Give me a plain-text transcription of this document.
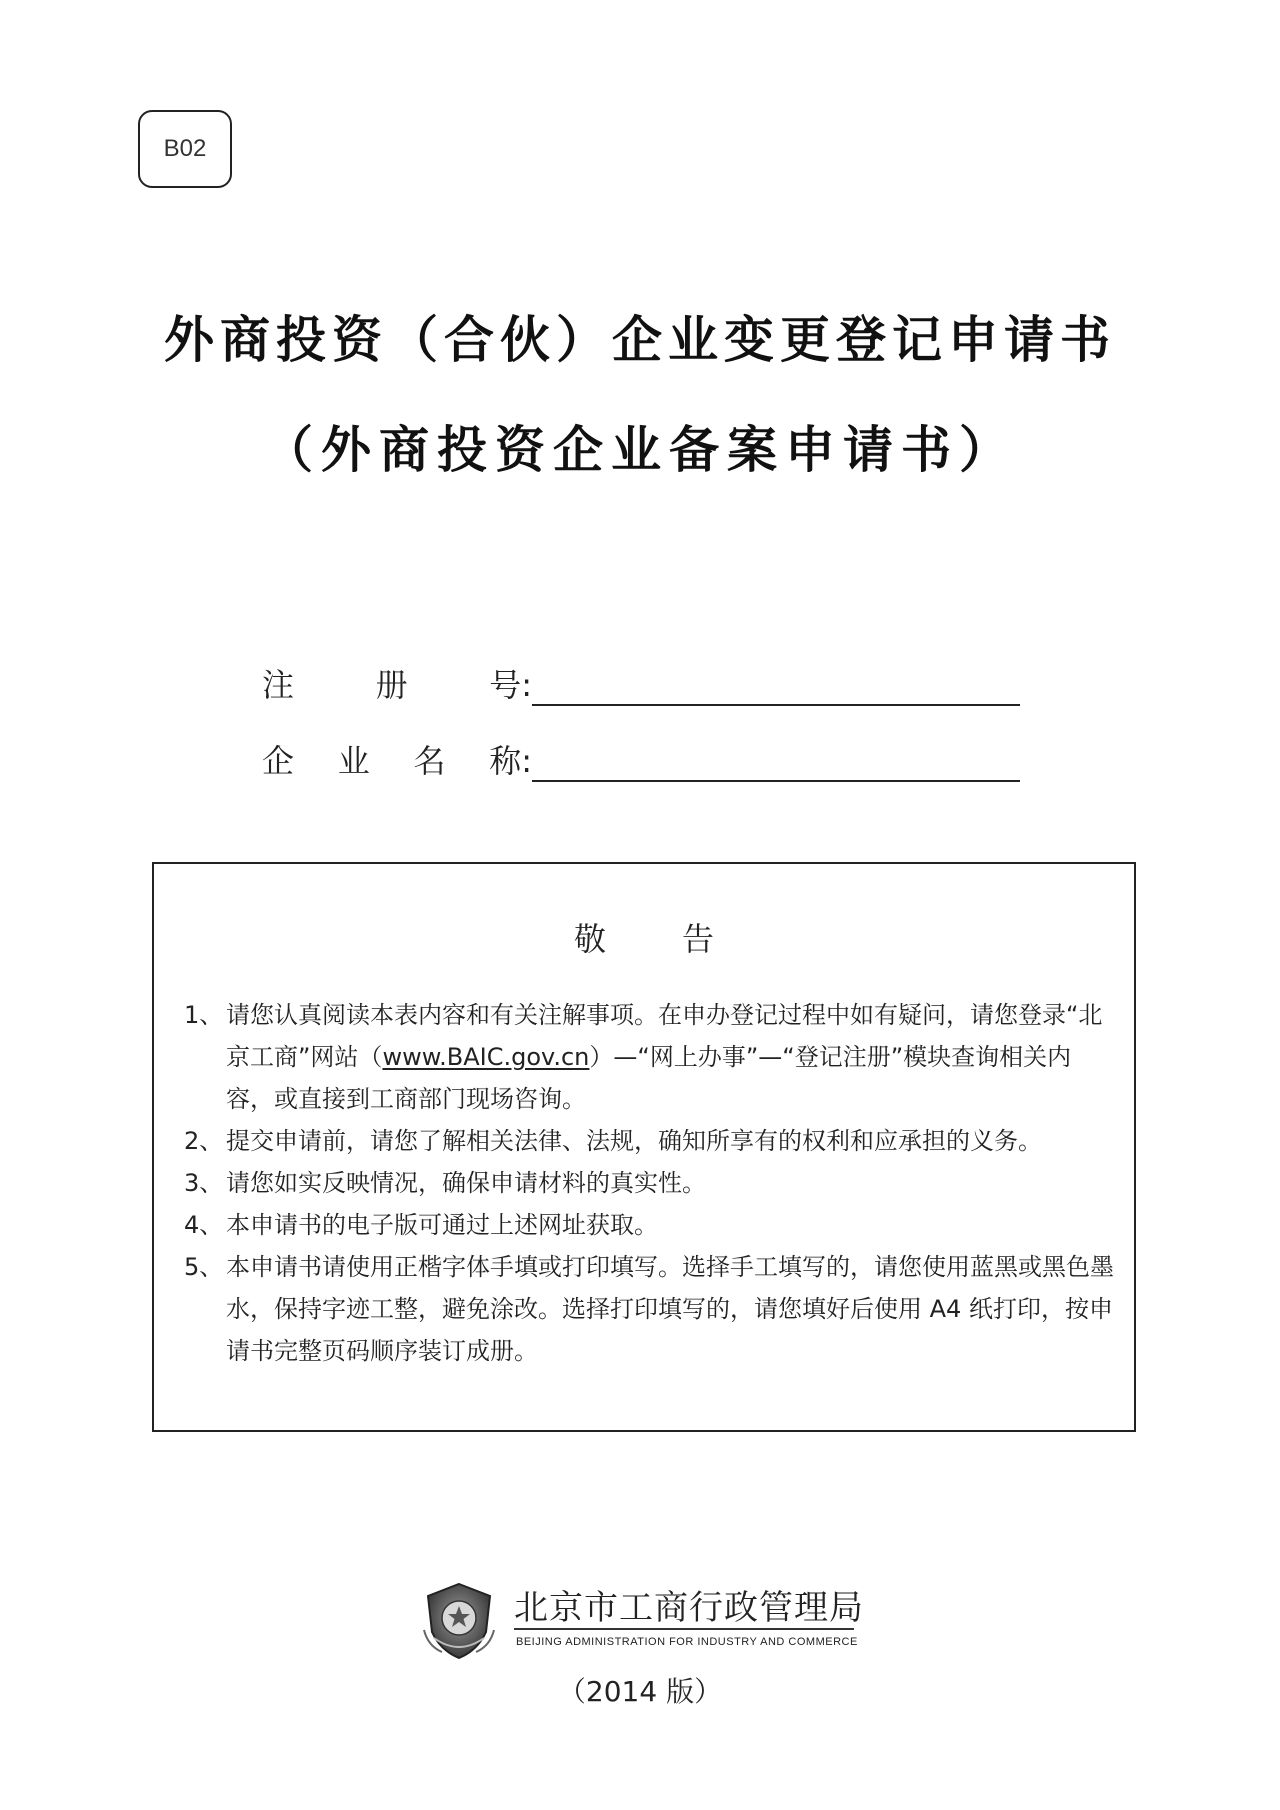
B02
外商投资（合伙）企业变更登记申请书
（外商投资企业备案申请书）
注	册	号:
企 业 名 称:
敬 告
1、 请您认真阅读本表内容和有关注解事项。在申办登记过程中如有疑问，请您登录“北京工商”网站（www.BAIC.gov.cn）—“网上办事”—“登记注册”模块查询相关内容，或直接到工商部门现场咨询。
2、 提交申请前，请您了解相关法律、法规，确知所享有的权利和应承担的义务。
3、 请您如实反映情况，确保申请材料的真实性。
4、 本申请书的电子版可通过上述网址获取。
5、 本申请书请使用正楷字体手填或打印填写。选择手工填写的，请您使用蓝黑或黑色墨水，保持字迹工整，避免涂改。选择打印填写的，请您填好后使用 A4 纸打印，按申请书完整页码顺序装订成册。
北京市工商行政管理局
BEIJING ADMINISTRATION FOR INDUSTRY AND COMMERCE
（2014 版）
